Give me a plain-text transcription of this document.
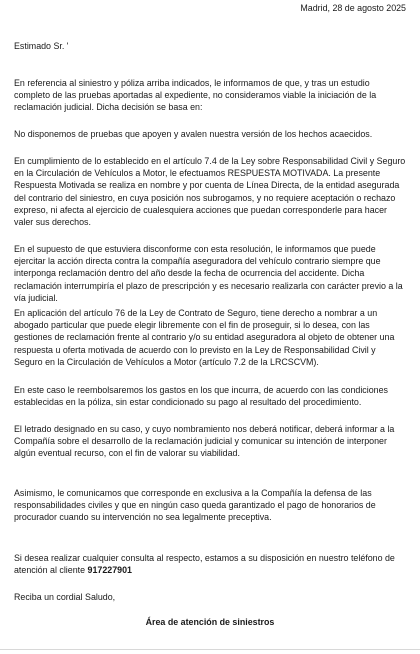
Madrid, 28 de agosto 2025
Estimado Sr. '

En referencia al siniestro y póliza arriba indicados, le informamos de que, y tras un estudio completo de las pruebas aportadas al expediente, no consideramos viable la iniciación de la reclamación judicial. Dicha decisión se basa en:

No disponemos de pruebas que apoyen y avalen nuestra versión de los hechos acaecidos.

En cumplimiento de lo establecido en el artículo 7.4 de la Ley sobre Responsabilidad Civil y Seguro en la Circulación de Vehículos a Motor, le efectuamos RESPUESTA MOTIVADA. La presente Respuesta Motivada se realiza en nombre y por cuenta de Línea Directa, de la entidad asegurada del contrario del siniestro, en cuya posición nos subrogamos, y no requiere aceptación o rechazo expreso, ni afecta al ejercicio de cualesquiera acciones que puedan corresponderle para hacer valer sus derechos.

En el supuesto de que estuviera disconforme con esta resolución, le informamos que puede ejercitar la acción directa contra la compañía aseguradora del vehículo contrario siempre que interponga reclamación dentro del año desde la fecha de ocurrencia del accidente. Dicha reclamación interrumpiría el plazo de prescripción y es necesario realizarla con carácter previo a la vía judicial.

En aplicación del artículo 76 de la Ley de Contrato de Seguro, tiene derecho a nombrar a un abogado particular que puede elegir libremente con el fin de proseguir, si lo desea, con las gestiones de reclamación frente al contrario y/o su entidad aseguradora al objeto de obtener una respuesta u oferta motivada de acuerdo con lo previsto en la Ley de Responsabilidad Civil y Seguro en la Circulación de Vehículos a Motor (artículo 7.2 de la LRCSCVM).

En este caso le reembolsaremos los gastos en los que incurra, de acuerdo con las condiciones establecidas en la póliza, sin estar condicionado su pago al resultado del procedimiento.

El letrado designado en su caso, y cuyo nombramiento nos deberá notificar, deberá informar a la Compañía sobre el desarrollo de la reclamación judicial y comunicar su intención de interponer algún eventual recurso, con el fin de valorar su viabilidad.

Asimismo, le comunicamos que corresponde en exclusiva a la Compañía la defensa de las responsabilidades civiles y que en ningún caso queda garantizado el pago de honorarios de procurador cuando su intervención no sea legalmente preceptiva.

Si desea realizar cualquier consulta al respecto, estamos a su disposición en nuestro teléfono de atención al cliente 917227901

Reciba un cordial Saludo,
Área de atención de siniestros
